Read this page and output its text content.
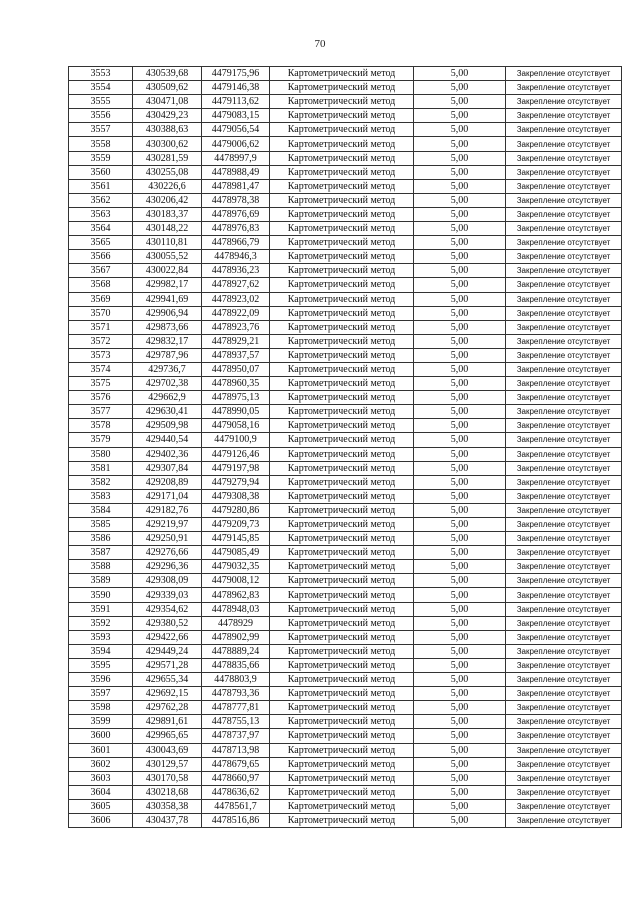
70
3553	430539,68	4479175,96	Картометрический метод	5,00	Закрепление отсутствует
3554	430509,62	4479146,38	Картометрический метод	5,00	Закрепление отсутствует
3555	430471,08	4479113,62	Картометрический метод	5,00	Закрепление отсутствует
3556	430429,23	4479083,15	Картометрический метод	5,00	Закрепление отсутствует
3557	430388,63	4479056,54	Картометрический метод	5,00	Закрепление отсутствует
3558	430300,62	4479006,62	Картометрический метод	5,00	Закрепление отсутствует
3559	430281,59	4478997,9	Картометрический метод	5,00	Закрепление отсутствует
3560	430255,08	4478988,49	Картометрический метод	5,00	Закрепление отсутствует
3561	430226,6	4478981,47	Картометрический метод	5,00	Закрепление отсутствует
3562	430206,42	4478978,38	Картометрический метод	5,00	Закрепление отсутствует
3563	430183,37	4478976,69	Картометрический метод	5,00	Закрепление отсутствует
3564	430148,22	4478976,83	Картометрический метод	5,00	Закрепление отсутствует
3565	430110,81	4478966,79	Картометрический метод	5,00	Закрепление отсутствует
3566	430055,52	4478946,3	Картометрический метод	5,00	Закрепление отсутствует
3567	430022,84	4478936,23	Картометрический метод	5,00	Закрепление отсутствует
3568	429982,17	4478927,62	Картометрический метод	5,00	Закрепление отсутствует
3569	429941,69	4478923,02	Картометрический метод	5,00	Закрепление отсутствует
3570	429906,94	4478922,09	Картометрический метод	5,00	Закрепление отсутствует
3571	429873,66	4478923,76	Картометрический метод	5,00	Закрепление отсутствует
3572	429832,17	4478929,21	Картометрический метод	5,00	Закрепление отсутствует
3573	429787,96	4478937,57	Картометрический метод	5,00	Закрепление отсутствует
3574	429736,7	4478950,07	Картометрический метод	5,00	Закрепление отсутствует
3575	429702,38	4478960,35	Картометрический метод	5,00	Закрепление отсутствует
3576	429662,9	4478975,13	Картометрический метод	5,00	Закрепление отсутствует
3577	429630,41	4478990,05	Картометрический метод	5,00	Закрепление отсутствует
3578	429509,98	4479058,16	Картометрический метод	5,00	Закрепление отсутствует
3579	429440,54	4479100,9	Картометрический метод	5,00	Закрепление отсутствует
3580	429402,36	4479126,46	Картометрический метод	5,00	Закрепление отсутствует
3581	429307,84	4479197,98	Картометрический метод	5,00	Закрепление отсутствует
3582	429208,89	4479279,94	Картометрический метод	5,00	Закрепление отсутствует
3583	429171,04	4479308,38	Картометрический метод	5,00	Закрепление отсутствует
3584	429182,76	4479280,86	Картометрический метод	5,00	Закрепление отсутствует
3585	429219,97	4479209,73	Картометрический метод	5,00	Закрепление отсутствует
3586	429250,91	4479145,85	Картометрический метод	5,00	Закрепление отсутствует
3587	429276,66	4479085,49	Картометрический метод	5,00	Закрепление отсутствует
3588	429296,36	4479032,35	Картометрический метод	5,00	Закрепление отсутствует
3589	429308,09	4479008,12	Картометрический метод	5,00	Закрепление отсутствует
3590	429339,03	4478962,83	Картометрический метод	5,00	Закрепление отсутствует
3591	429354,62	4478948,03	Картометрический метод	5,00	Закрепление отсутствует
3592	429380,52	4478929	Картометрический метод	5,00	Закрепление отсутствует
3593	429422,66	4478902,99	Картометрический метод	5,00	Закрепление отсутствует
3594	429449,24	4478889,24	Картометрический метод	5,00	Закрепление отсутствует
3595	429571,28	4478835,66	Картометрический метод	5,00	Закрепление отсутствует
3596	429655,34	4478803,9	Картометрический метод	5,00	Закрепление отсутствует
3597	429692,15	4478793,36	Картометрический метод	5,00	Закрепление отсутствует
3598	429762,28	4478777,81	Картометрический метод	5,00	Закрепление отсутствует
3599	429891,61	4478755,13	Картометрический метод	5,00	Закрепление отсутствует
3600	429965,65	4478737,97	Картометрический метод	5,00	Закрепление отсутствует
3601	430043,69	4478713,98	Картометрический метод	5,00	Закрепление отсутствует
3602	430129,57	4478679,65	Картометрический метод	5,00	Закрепление отсутствует
3603	430170,58	4478660,97	Картометрический метод	5,00	Закрепление отсутствует
3604	430218,68	4478636,62	Картометрический метод	5,00	Закрепление отсутствует
3605	430358,38	4478561,7	Картометрический метод	5,00	Закрепление отсутствует
3606	430437,78	4478516,86	Картометрический метод	5,00	Закрепление отсутствует
